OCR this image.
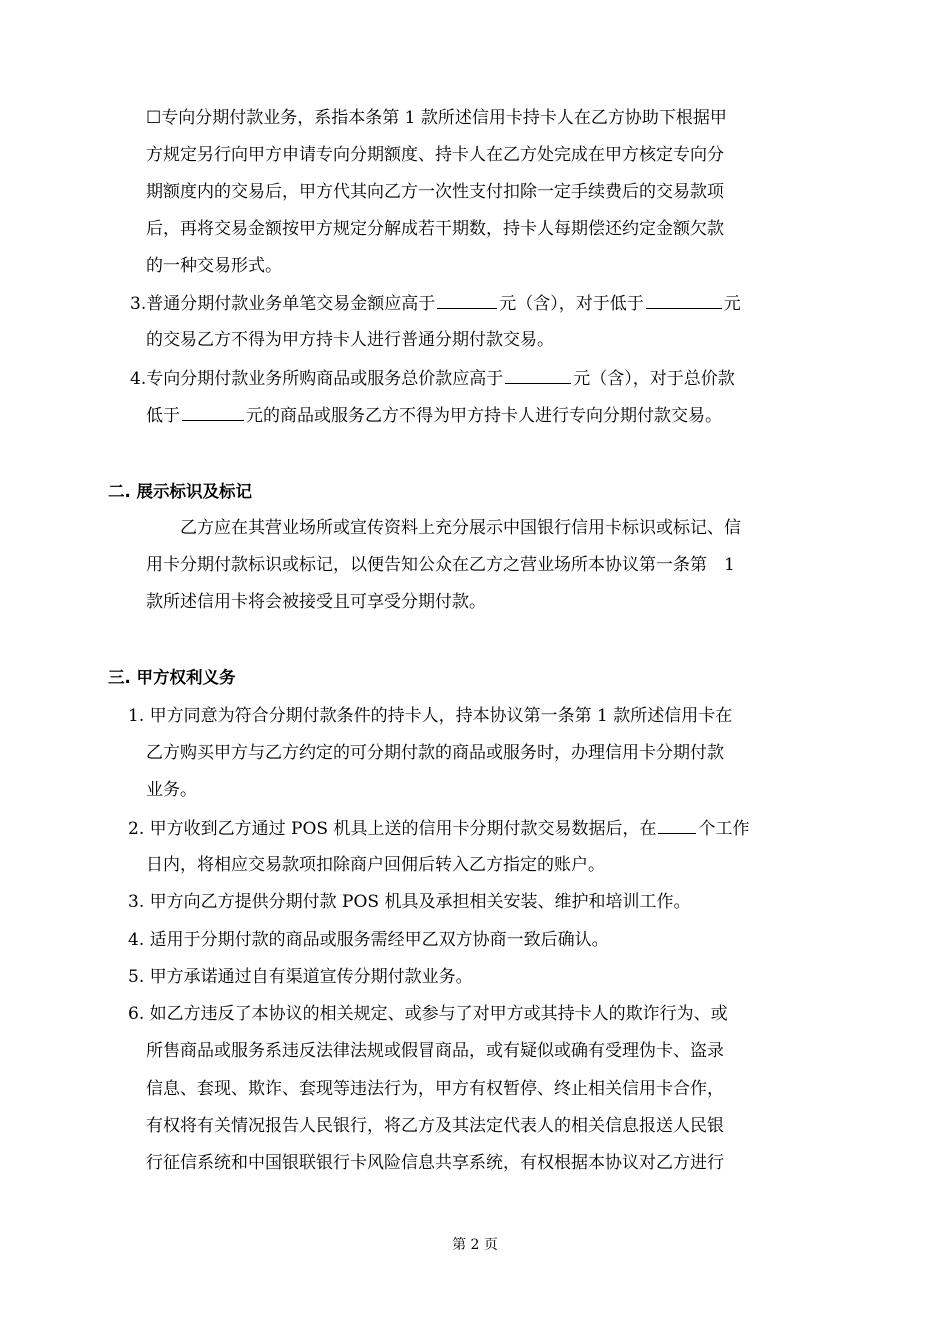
☐专向分期付款业务，系指本条第 1 款所述信用卡持卡人在乙方协助下根据甲
方规定另行向甲方申请专向分期额度、持卡人在乙方处完成在甲方核定专向分
期额度内的交易后，甲方代其向乙方一次性支付扣除一定手续费后的交易款项
后，再将交易金额按甲方规定分解成若干期数，持卡人每期偿还约定金额欠款
的一种交易形式。
3.普通分期付款业务单笔交易金额应高于	元（含），对于低于	元
的交易乙方不得为甲方持卡人进行普通分期付款交易。
4.专向分期付款业务所购商品或服务总价款应高于	元（含），对于总价款
低于	元的商品或服务乙方不得为甲方持卡人进行专向分期付款交易。
二. 展示标识及标记
乙方应在其营业场所或宣传资料上充分展示中国银行信用卡标识或标记、信
用卡分期付款标识或标记，以便告知公众在乙方之营业场所本协议第一条第　1
款所述信用卡将会被接受且可享受分期付款。
三. 甲方权利义务
1. 甲方同意为符合分期付款条件的持卡人，持本协议第一条第 1 款所述信用卡在
乙方购买甲方与乙方约定的可分期付款的商品或服务时，办理信用卡分期付款
业务。
2. 甲方收到乙方通过 POS 机具上送的信用卡分期付款交易数据后，在 个工作
日内，将相应交易款项扣除商户回佣后转入乙方指定的账户。
3. 甲方向乙方提供分期付款 POS 机具及承担相关安装、维护和培训工作。
4. 适用于分期付款的商品或服务需经甲乙双方协商一致后确认。
5. 甲方承诺通过自有渠道宣传分期付款业务。
6. 如乙方违反了本协议的相关规定、或参与了对甲方或其持卡人的欺诈行为、或
所售商品或服务系违反法律法规或假冒商品，或有疑似或确有受理伪卡、盗录
信息、套现、欺诈、套现等违法行为，甲方有权暂停、终止相关信用卡合作，
有权将有关情况报告人民银行，将乙方及其法定代表人的相关信息报送人民银
行征信系统和中国银联银行卡风险信息共享系统，有权根据本协议对乙方进行
第 2 页
